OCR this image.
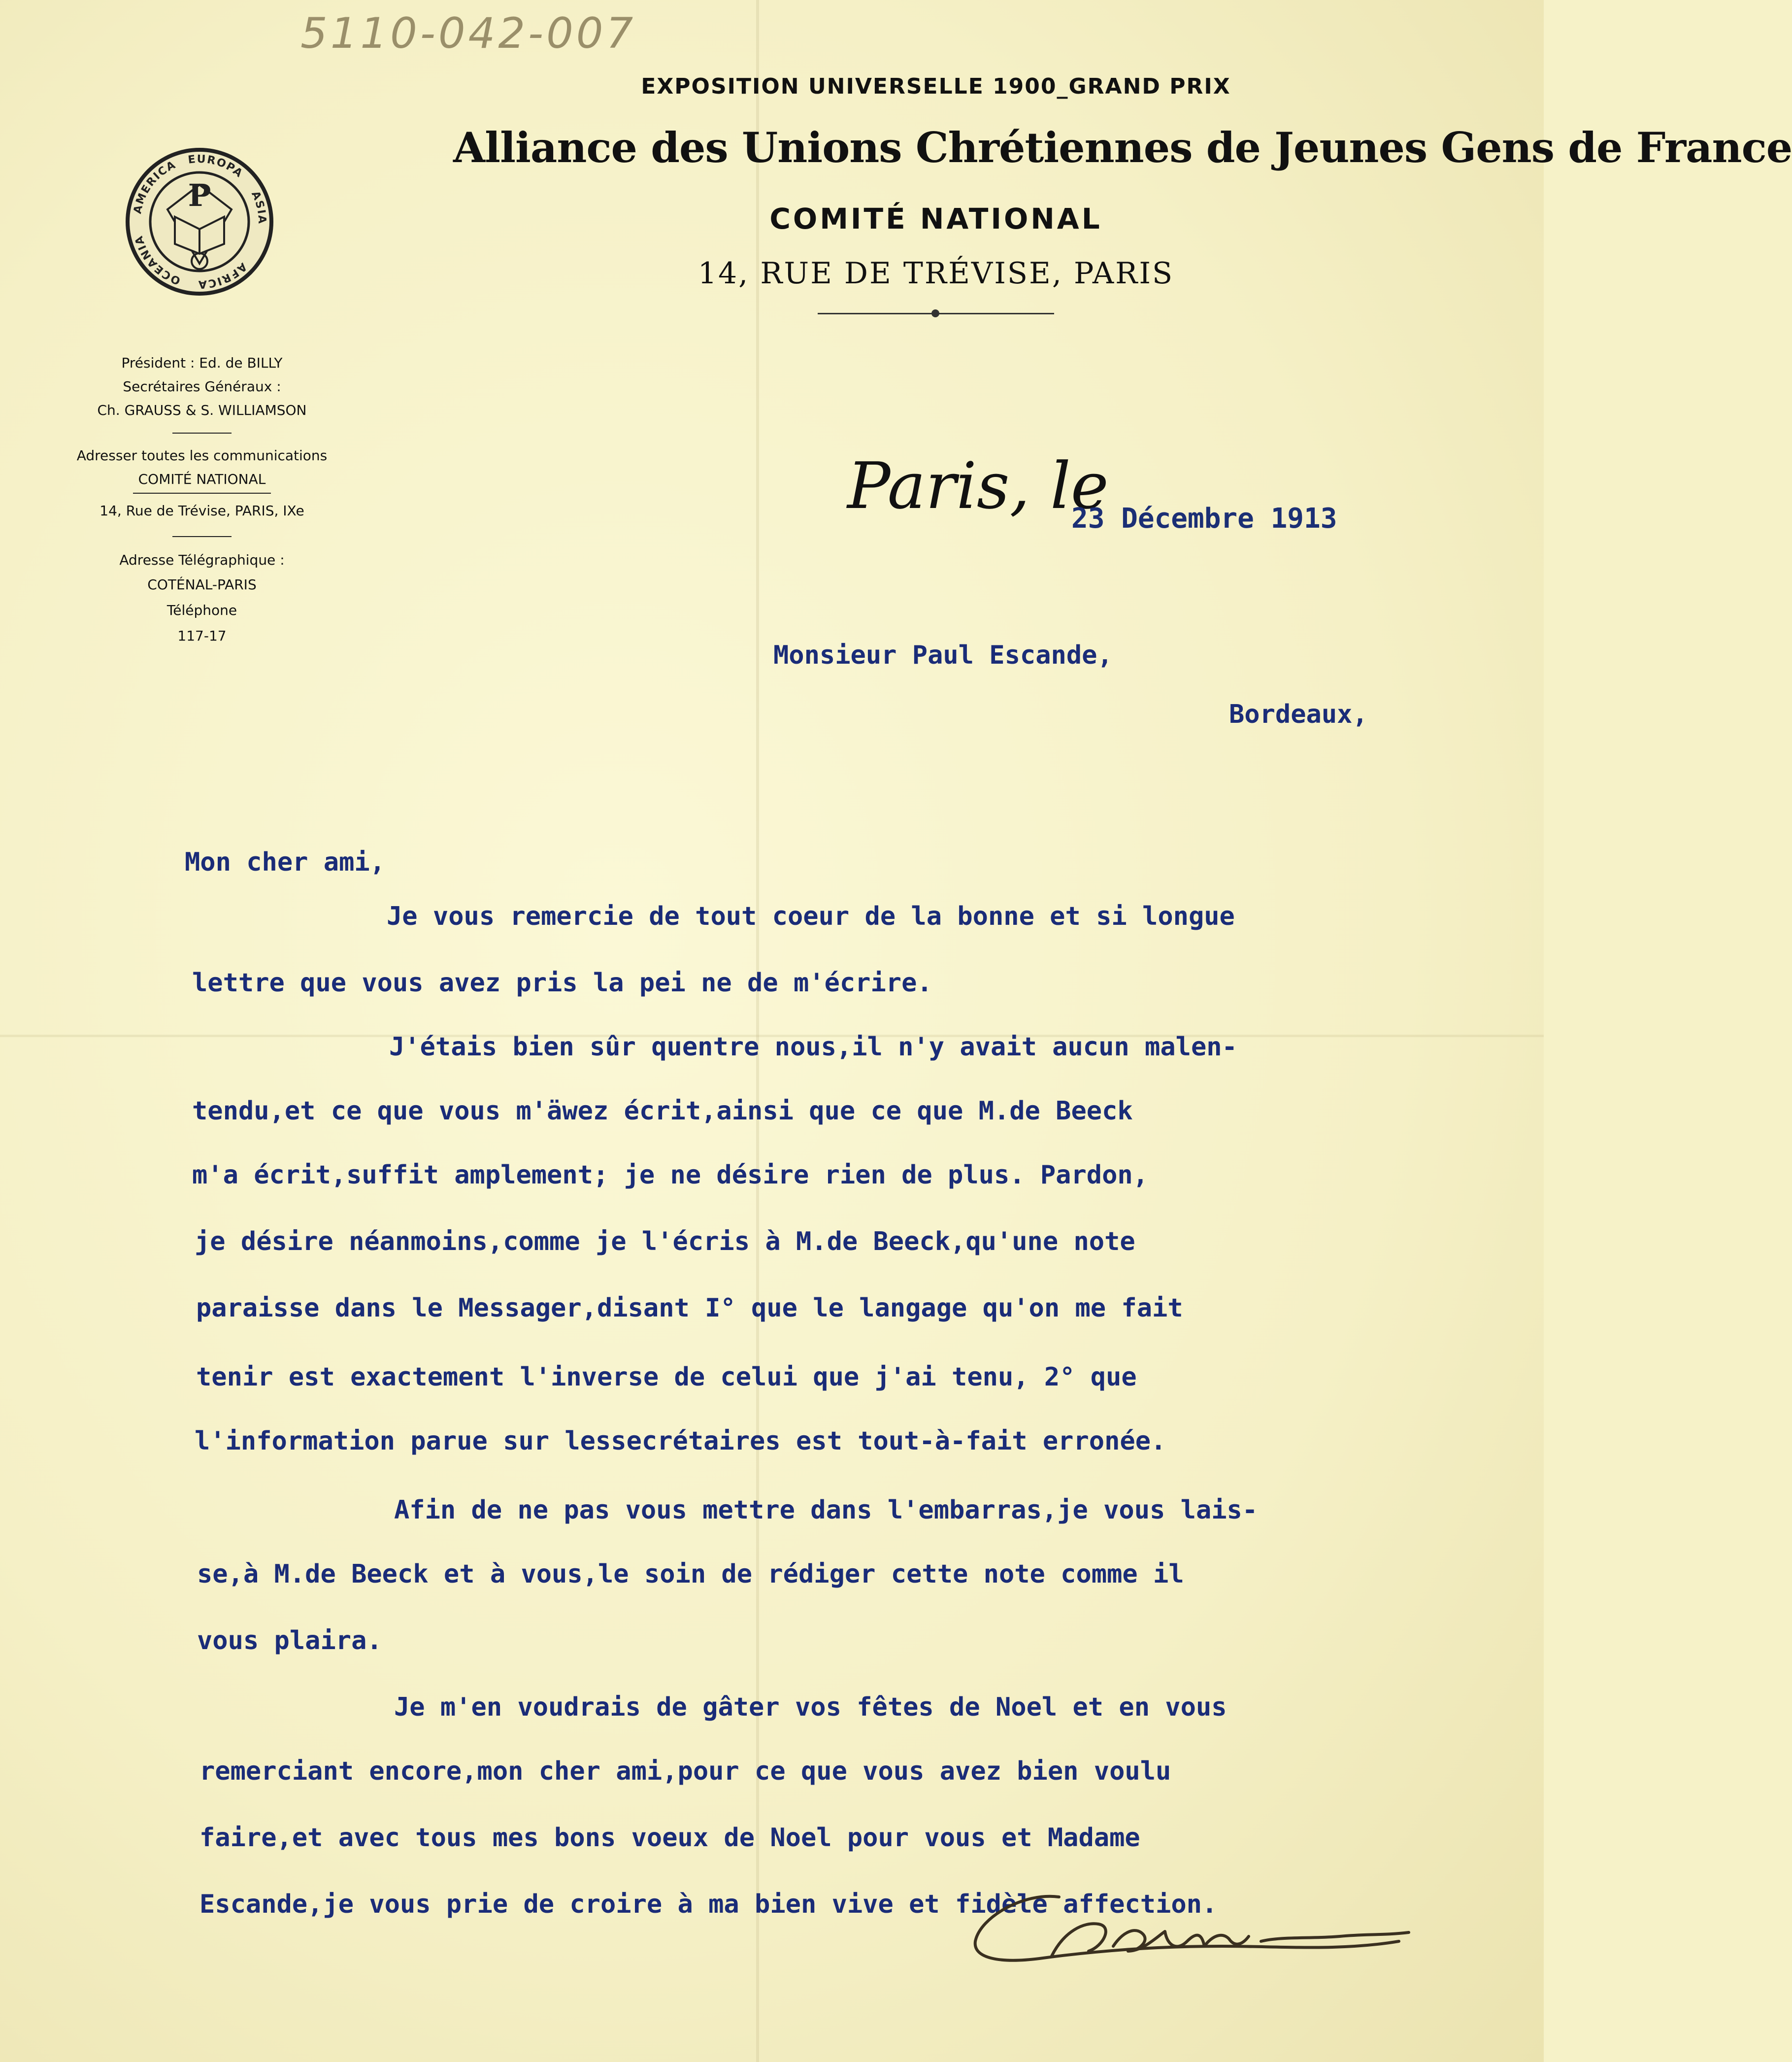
5110-042-007
EXPOSITION UNIVERSELLE 1900_GRAND PRIX
Alliance des Unions Chrétiennes de Jeunes Gens de France
COMITÉ NATIONAL
14, RUE DE TRÉVISE, PARIS
AMERICA EUROPA
ASIA
AFRICA
OCEANIA
P
Président : Ed. de BILLY
Secrétaires Généraux :
Ch. GRAUSS & S. WILLIAMSON
Adresser toutes les communications
COMITÉ NATIONAL
14, Rue de Trévise, PARIS, IXe
Adresse Télégraphique :
COTÉNAL-PARIS
Téléphone
117-17
Paris, le
23 Décembre 1913
Monsieur Paul Escande,
Bordeaux,
Mon cher ami,
Je vous remercie de tout coeur de la bonne et si longue
lettre que vous avez pris la pei ne de m'écrire.
J'étais bien sûr quentre nous,il n'y avait aucun malen-
tendu,et ce que vous m'äwez écrit,ainsi que ce que M.de Beeck
m'a écrit,suffit amplement; je ne désire rien de plus. Pardon,
je désire néanmoins,comme je l'écris à M.de Beeck,qu'une note
paraisse dans le Messager,disant I° que le langage qu'on me fait
tenir est exactement l'inverse de celui que j'ai tenu, 2° que
l'information parue sur lessecrétaires est tout-à-fait erronée.
Afin de ne pas vous mettre dans l'embarras,je vous lais-
se,à M.de Beeck et à vous,le soin de rédiger cette note comme il
vous plaira.
Je m'en voudrais de gâter vos fêtes de Noel et en vous
remerciant encore,mon cher ami,pour ce que vous avez bien voulu
faire,et avec tous mes bons voeux de Noel pour vous et Madame
Escande,je vous prie de croire à ma bien vive et fidèle affection.
